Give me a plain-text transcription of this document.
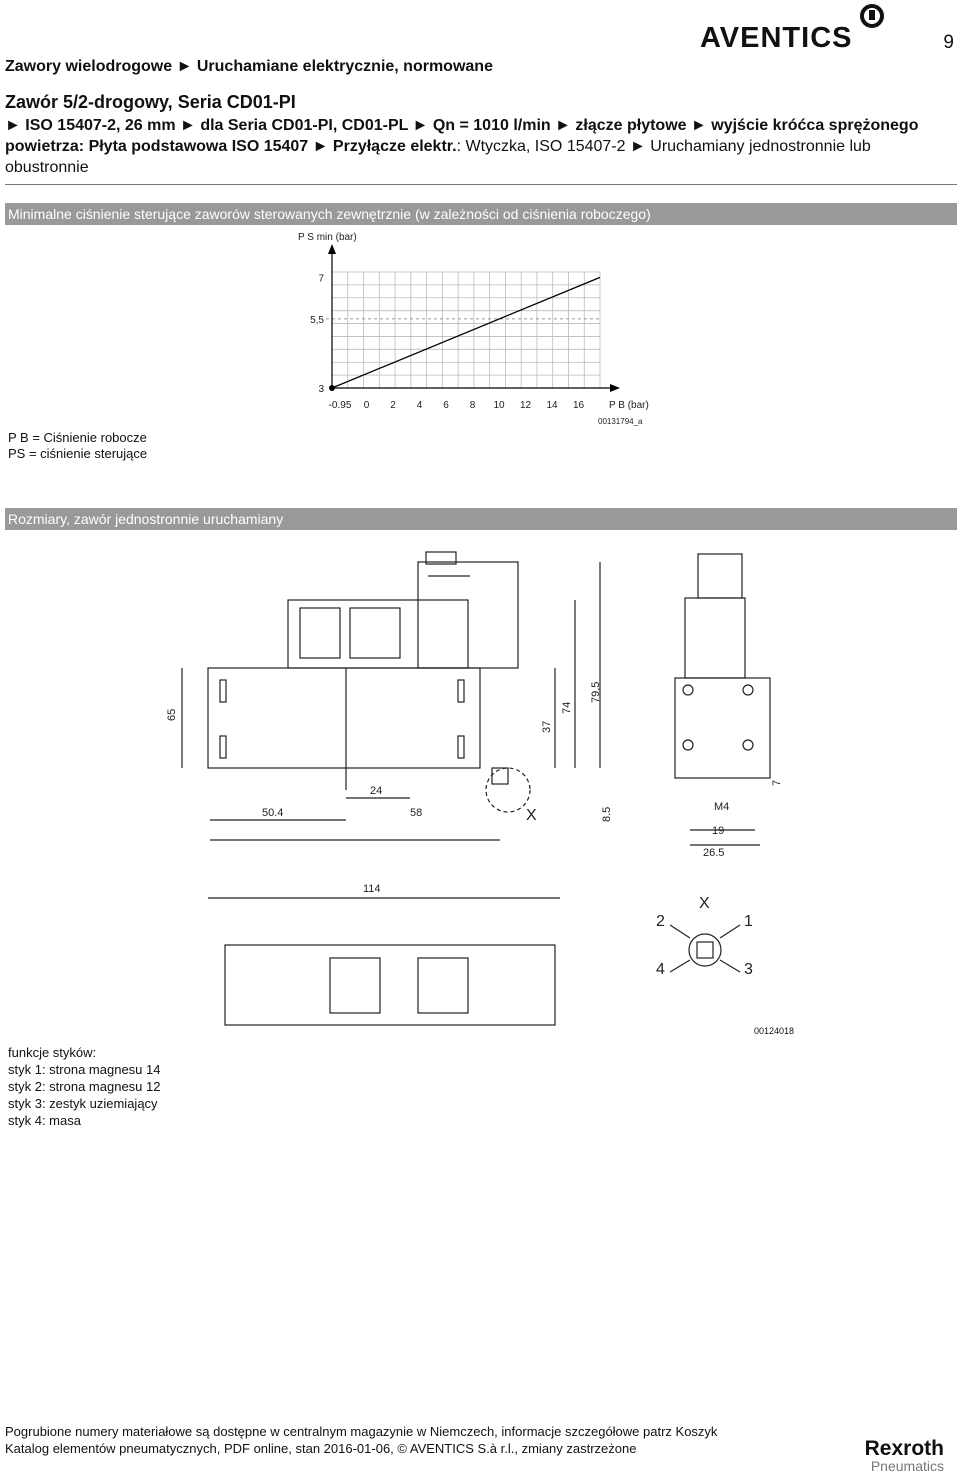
Zawory wielodrogowe ► Uruchamiane elektrycznie, normowane
9
AVENTICS
Zawór 5/2-drogowy, Seria CD01-PI
► ISO 15407-2, 26 mm ► dla Seria CD01-PI, CD01-PL ► Qn = 1010 l/min ► złącze płytowe ► wyjście króćca sprężonego powietrza: Płyta podstawowa ISO 15407 ► Przyłącze elektr.: Wtyczka, ISO 15407-2 ► Uruchamiany jednostronnie lub obustronnie
Minimalne ciśnienie sterujące zaworów sterowanych zewnętrznie (w zależności od ciśnienia roboczego)
3
5,5
7
-0.95 0 2 4 6 8 10 12 14 16
P S min (bar)
P B (bar)
00131794_a
P B = Ciśnienie robocze
PS = ciśnienie sterujące
Rozmiary, zawór jednostronnie uruchamiany
65
37
74
79,5
24
50.4	58	8.5
7
M4
19
26.5
114
X
X
1
2
3
4
00124018
funkcje styków:
styk 1: strona magnesu 14
styk 2: strona magnesu 12
styk 3: zestyk uziemiający
styk 4: masa
Pogrubione numery materiałowe są dostępne w centralnym magazynie w Niemczech, informacje szczegółowe patrz Koszyk
Katalog elementów pneumatycznych, PDF online, stan 2016-01-06, © AVENTICS S.à r.l., zmiany zastrzeżone	Rexroth
Pneumatics
